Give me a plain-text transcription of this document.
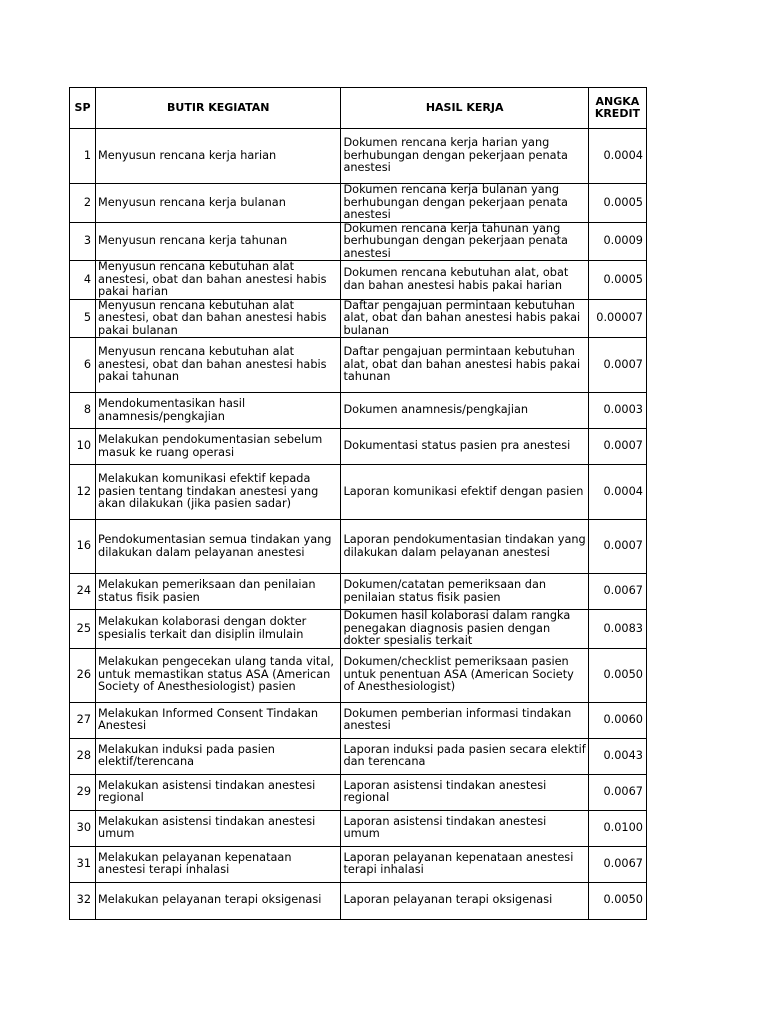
SP	BUTIR KEGIATAN	HASIL KERJA	ANGKA KREDIT
1	Menyusun rencana kerja harian	Dokumen rencana kerja harian yang berhubungan dengan pekerjaan penata anestesi	0.0004
2	Menyusun rencana kerja bulanan	Dokumen rencana kerja bulanan yang berhubungan dengan pekerjaan penata anestesi	0.0005
3	Menyusun rencana kerja tahunan	Dokumen rencana kerja tahunan yang berhubungan dengan pekerjaan penata anestesi	0.0009
4	Menyusun rencana kebutuhan alat anestesi, obat dan bahan anestesi habis pakai harian	Dokumen rencana kebutuhan alat, obat dan bahan anestesi habis pakai harian	0.0005
5	Menyusun rencana kebutuhan alat anestesi, obat dan bahan anestesi habis pakai bulanan	Daftar pengajuan permintaan kebutuhan alat, obat dan bahan anestesi habis pakai bulanan	0.00007
6	Menyusun rencana kebutuhan alat anestesi, obat dan bahan anestesi habis pakai tahunan	Daftar pengajuan permintaan kebutuhan alat, obat dan bahan anestesi habis pakai tahunan	0.0007
8	Mendokumentasikan hasil anamnesis/pengkajian	Dokumen anamnesis/pengkajian	0.0003
10	Melakukan pendokumentasian sebelum masuk ke ruang operasi	Dokumentasi status pasien pra anestesi	0.0007
12	Melakukan komunikasi efektif kepada pasien tentang tindakan anestesi yang akan dilakukan (jika pasien sadar)	Laporan komunikasi efektif dengan pasien	0.0004
16	Pendokumentasian semua tindakan yang dilakukan dalam pelayanan anestesi	Laporan pendokumentasian tindakan yang dilakukan dalam pelayanan anestesi	0.0007
24	Melakukan pemeriksaan dan penilaian status fisik pasien	Dokumen/catatan pemeriksaan dan penilaian status fisik pasien	0.0067
25	Melakukan kolaborasi dengan dokter spesialis terkait dan disiplin ilmulain	Dokumen hasil kolaborasi dalam rangka penegakan diagnosis pasien dengan dokter spesialis terkait	0.0083
26	Melakukan pengecekan ulang tanda vital, untuk memastikan status ASA (American Society of Anesthesiologist) pasien	Dokumen/checklist pemeriksaan pasien untuk penentuan ASA (American Society of Anesthesiologist)	0.0050
27	Melakukan Informed Consent Tindakan Anestesi	Dokumen pemberian informasi tindakan anestesi	0.0060
28	Melakukan induksi pada pasien elektif/terencana	Laporan induksi pada pasien secara elektif dan terencana	0.0043
29	Melakukan asistensi tindakan anestesi regional	Laporan asistensi tindakan anestesi regional	0.0067
30	Melakukan asistensi tindakan anestesi umum	Laporan asistensi tindakan anestesi umum	0.0100
31	Melakukan pelayanan kepenataan anestesi terapi inhalasi	Laporan pelayanan kepenataan anestesi terapi inhalasi	0.0067
32	Melakukan pelayanan terapi oksigenasi	Laporan pelayanan terapi oksigenasi	0.0050
